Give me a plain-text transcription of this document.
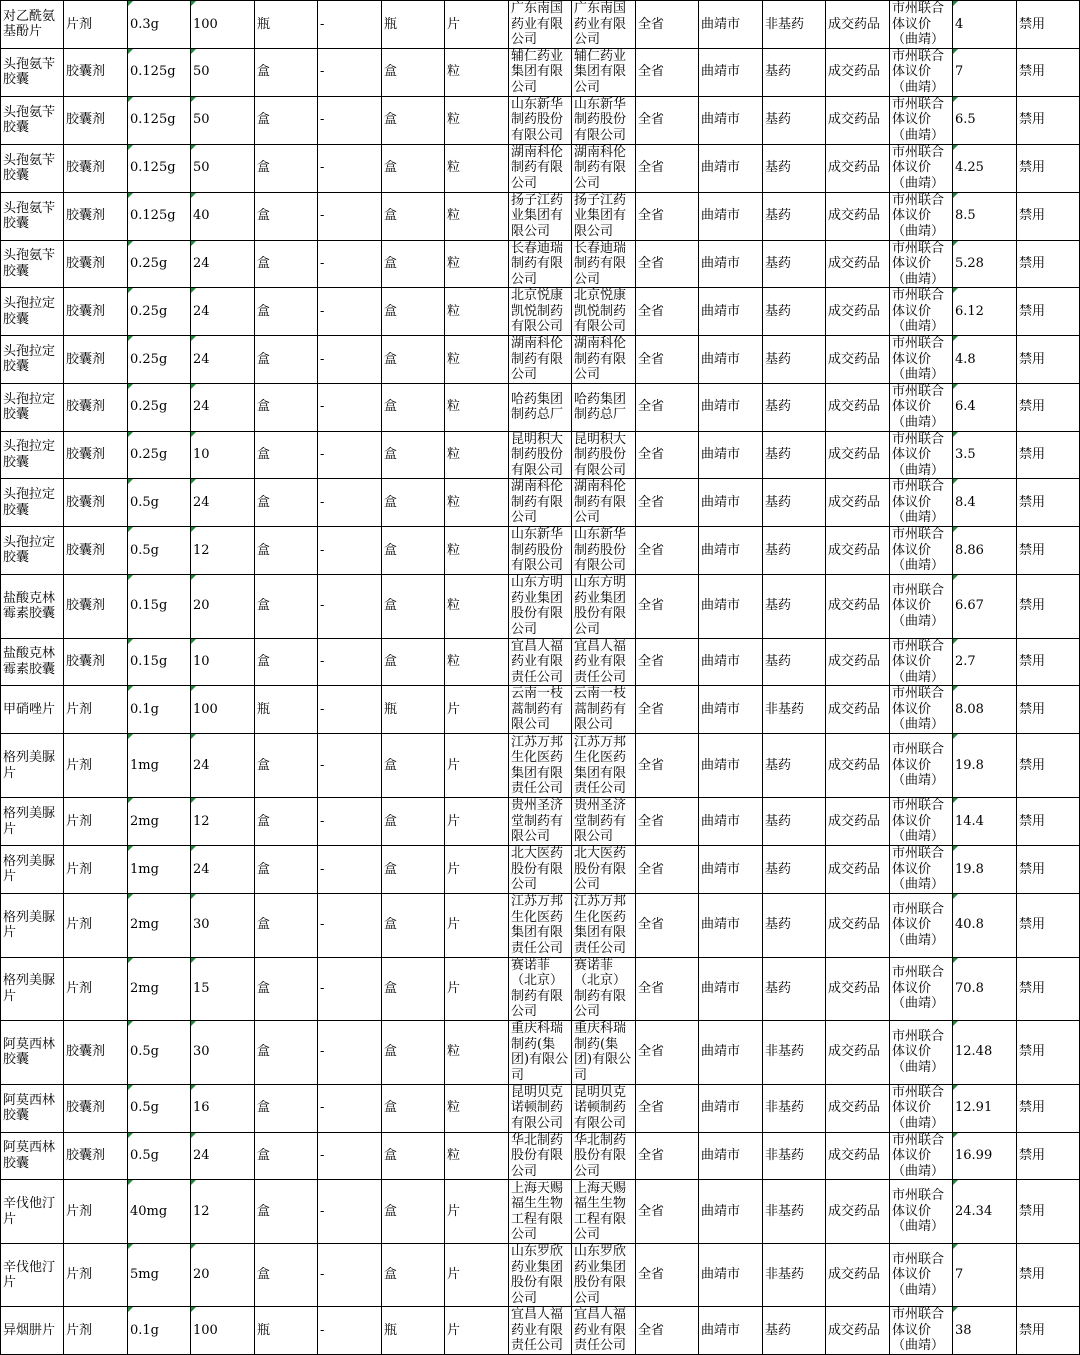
对乙酰氨基酚片	片剂	0.3g	100	瓶	-	瓶	片	广东南国药业有限公司	广东南国药业有限公司	全省	曲靖市	非基药	成交药品	市州联合体议价（曲靖）	4	禁用
头孢氨苄胶囊	胶囊剂	0.125g	50	盒	-	盒	粒	辅仁药业集团有限公司	辅仁药业集团有限公司	全省	曲靖市	基药	成交药品	市州联合体议价（曲靖）	7	禁用
头孢氨苄胶囊	胶囊剂	0.125g	50	盒	-	盒	粒	山东新华制药股份有限公司	山东新华制药股份有限公司	全省	曲靖市	基药	成交药品	市州联合体议价（曲靖）	6.5	禁用
头孢氨苄胶囊	胶囊剂	0.125g	50	盒	-	盒	粒	湖南科伦制药有限公司	湖南科伦制药有限公司	全省	曲靖市	基药	成交药品	市州联合体议价（曲靖）	4.25	禁用
头孢氨苄胶囊	胶囊剂	0.125g	40	盒	-	盒	粒	扬子江药业集团有限公司	扬子江药业集团有限公司	全省	曲靖市	基药	成交药品	市州联合体议价（曲靖）	8.5	禁用
头孢氨苄胶囊	胶囊剂	0.25g	24	盒	-	盒	粒	长春迪瑞制药有限公司	长春迪瑞制药有限公司	全省	曲靖市	基药	成交药品	市州联合体议价（曲靖）	5.28	禁用
头孢拉定胶囊	胶囊剂	0.25g	24	盒	-	盒	粒	北京悦康凯悦制药有限公司	北京悦康凯悦制药有限公司	全省	曲靖市	基药	成交药品	市州联合体议价（曲靖）	6.12	禁用
头孢拉定胶囊	胶囊剂	0.25g	24	盒	-	盒	粒	湖南科伦制药有限公司	湖南科伦制药有限公司	全省	曲靖市	基药	成交药品	市州联合体议价（曲靖）	4.8	禁用
头孢拉定胶囊	胶囊剂	0.25g	24	盒	-	盒	粒	哈药集团制药总厂	哈药集团制药总厂	全省	曲靖市	基药	成交药品	市州联合体议价（曲靖）	6.4	禁用
头孢拉定胶囊	胶囊剂	0.25g	10	盒	-	盒	粒	昆明积大制药股份有限公司	昆明积大制药股份有限公司	全省	曲靖市	基药	成交药品	市州联合体议价（曲靖）	3.5	禁用
头孢拉定胶囊	胶囊剂	0.5g	24	盒	-	盒	粒	湖南科伦制药有限公司	湖南科伦制药有限公司	全省	曲靖市	基药	成交药品	市州联合体议价（曲靖）	8.4	禁用
头孢拉定胶囊	胶囊剂	0.5g	12	盒	-	盒	粒	山东新华制药股份有限公司	山东新华制药股份有限公司	全省	曲靖市	基药	成交药品	市州联合体议价（曲靖）	8.86	禁用
盐酸克林霉素胶囊	胶囊剂	0.15g	20	盒	-	盒	粒	山东方明药业集团股份有限公司	山东方明药业集团股份有限公司	全省	曲靖市	基药	成交药品	市州联合体议价（曲靖）	6.67	禁用
盐酸克林霉素胶囊	胶囊剂	0.15g	10	盒	-	盒	粒	宜昌人福药业有限责任公司	宜昌人福药业有限责任公司	全省	曲靖市	基药	成交药品	市州联合体议价（曲靖）	2.7	禁用
甲硝唑片	片剂	0.1g	100	瓶	-	瓶	片	云南一枝蒿制药有限公司	云南一枝蒿制药有限公司	全省	曲靖市	非基药	成交药品	市州联合体议价（曲靖）	8.08	禁用
格列美脲片	片剂	1mg	24	盒	-	盒	片	江苏万邦生化医药集团有限责任公司	江苏万邦生化医药集团有限责任公司	全省	曲靖市	基药	成交药品	市州联合体议价（曲靖）	19.8	禁用
格列美脲片	片剂	2mg	12	盒	-	盒	片	贵州圣济堂制药有限公司	贵州圣济堂制药有限公司	全省	曲靖市	基药	成交药品	市州联合体议价（曲靖）	14.4	禁用
格列美脲片	片剂	1mg	24	盒	-	盒	片	北大医药股份有限公司	北大医药股份有限公司	全省	曲靖市	基药	成交药品	市州联合体议价（曲靖）	19.8	禁用
格列美脲片	片剂	2mg	30	盒	-	盒	片	江苏万邦生化医药集团有限责任公司	江苏万邦生化医药集团有限责任公司	全省	曲靖市	基药	成交药品	市州联合体议价（曲靖）	40.8	禁用
格列美脲片	片剂	2mg	15	盒	-	盒	片	赛诺菲（北京）制药有限公司	赛诺菲（北京）制药有限公司	全省	曲靖市	基药	成交药品	市州联合体议价（曲靖）	70.8	禁用
阿莫西林胶囊	胶囊剂	0.5g	30	盒	-	盒	粒	重庆科瑞制药(集团)有限公司	重庆科瑞制药(集团)有限公司	全省	曲靖市	非基药	成交药品	市州联合体议价（曲靖）	12.48	禁用
阿莫西林胶囊	胶囊剂	0.5g	16	盒	-	盒	粒	昆明贝克诺顿制药有限公司	昆明贝克诺顿制药有限公司	全省	曲靖市	非基药	成交药品	市州联合体议价（曲靖）	12.91	禁用
阿莫西林胶囊	胶囊剂	0.5g	24	盒	-	盒	粒	华北制药股份有限公司	华北制药股份有限公司	全省	曲靖市	非基药	成交药品	市州联合体议价（曲靖）	16.99	禁用
辛伐他汀片	片剂	40mg	12	盒	-	盒	片	上海天赐福生生物工程有限公司	上海天赐福生生物工程有限公司	全省	曲靖市	非基药	成交药品	市州联合体议价（曲靖）	24.34	禁用
辛伐他汀片	片剂	5mg	20	盒	-	盒	片	山东罗欣药业集团股份有限公司	山东罗欣药业集团股份有限公司	全省	曲靖市	非基药	成交药品	市州联合体议价（曲靖）	7	禁用
异烟肼片	片剂	0.1g	100	瓶	-	瓶	片	宜昌人福药业有限责任公司	宜昌人福药业有限责任公司	全省	曲靖市	基药	成交药品	市州联合体议价（曲靖）	38	禁用
